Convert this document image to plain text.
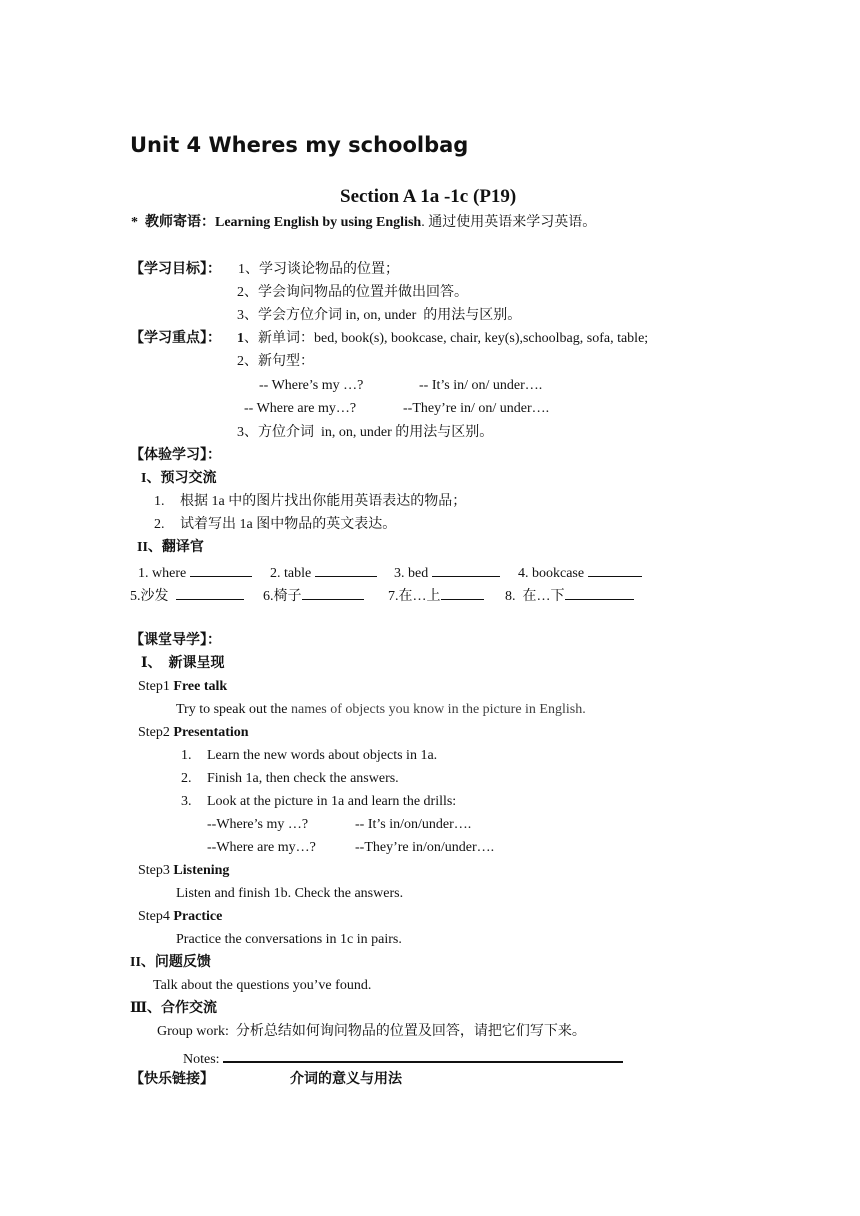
Unit 4 Wheres my schoolbag
Section A 1a -1c (P19)
* 教师寄语：Learning English by using English. 通过使用英语来学习英语。
【学习目标】： 1、学习谈论物品的位置；
2、学会询问物品的位置并做出回答。
3、学会方位介词 in, on, under  的用法与区别。
【学习重点】： 1、新单词：bed, book(s), bookcase, chair, key(s),schoolbag, sofa, table;
2、新句型：
-- Where’s my …?	-- It’s in/ on/ under….
-- Where are my…?	--They’re in/ on/ under….
3、方位介词  in, on, under 的用法与区别。
【体验学习】：
I、预习交流
1. 根据 1a 中的图片找出你能用英语表达的物品；
2. 试着写出 1a 图中物品的英文表达。
II、翻译官
1. where	2. table	3. bed	4. bookcase
5.沙发	6.椅子	7.在…上	8.  在…下
【课堂导学】：
Ⅰ、  新课呈现
Step1 Free talk
Try to speak out the names of objects you know in the picture in English.
Step2 Presentation
1. Learn the new words about objects in 1a.
2. Finish 1a, then check the answers.
3. Look at the picture in 1a and learn the drills:
--Where’s my …?	-- It’s in/on/under….
--Where are my…?	--They’re in/on/under….
Step3 Listening
Listen and finish 1b. Check the answers.
Step4 Practice
Practice the conversations in 1c in pairs.
II、问题反馈
Talk about the questions you’ve found.
Ⅲ、合作交流
Group work:  分析总结如何询问物品的位置及回答，请把它们写下来。
Notes:
【快乐链接】	介词的意义与用法
